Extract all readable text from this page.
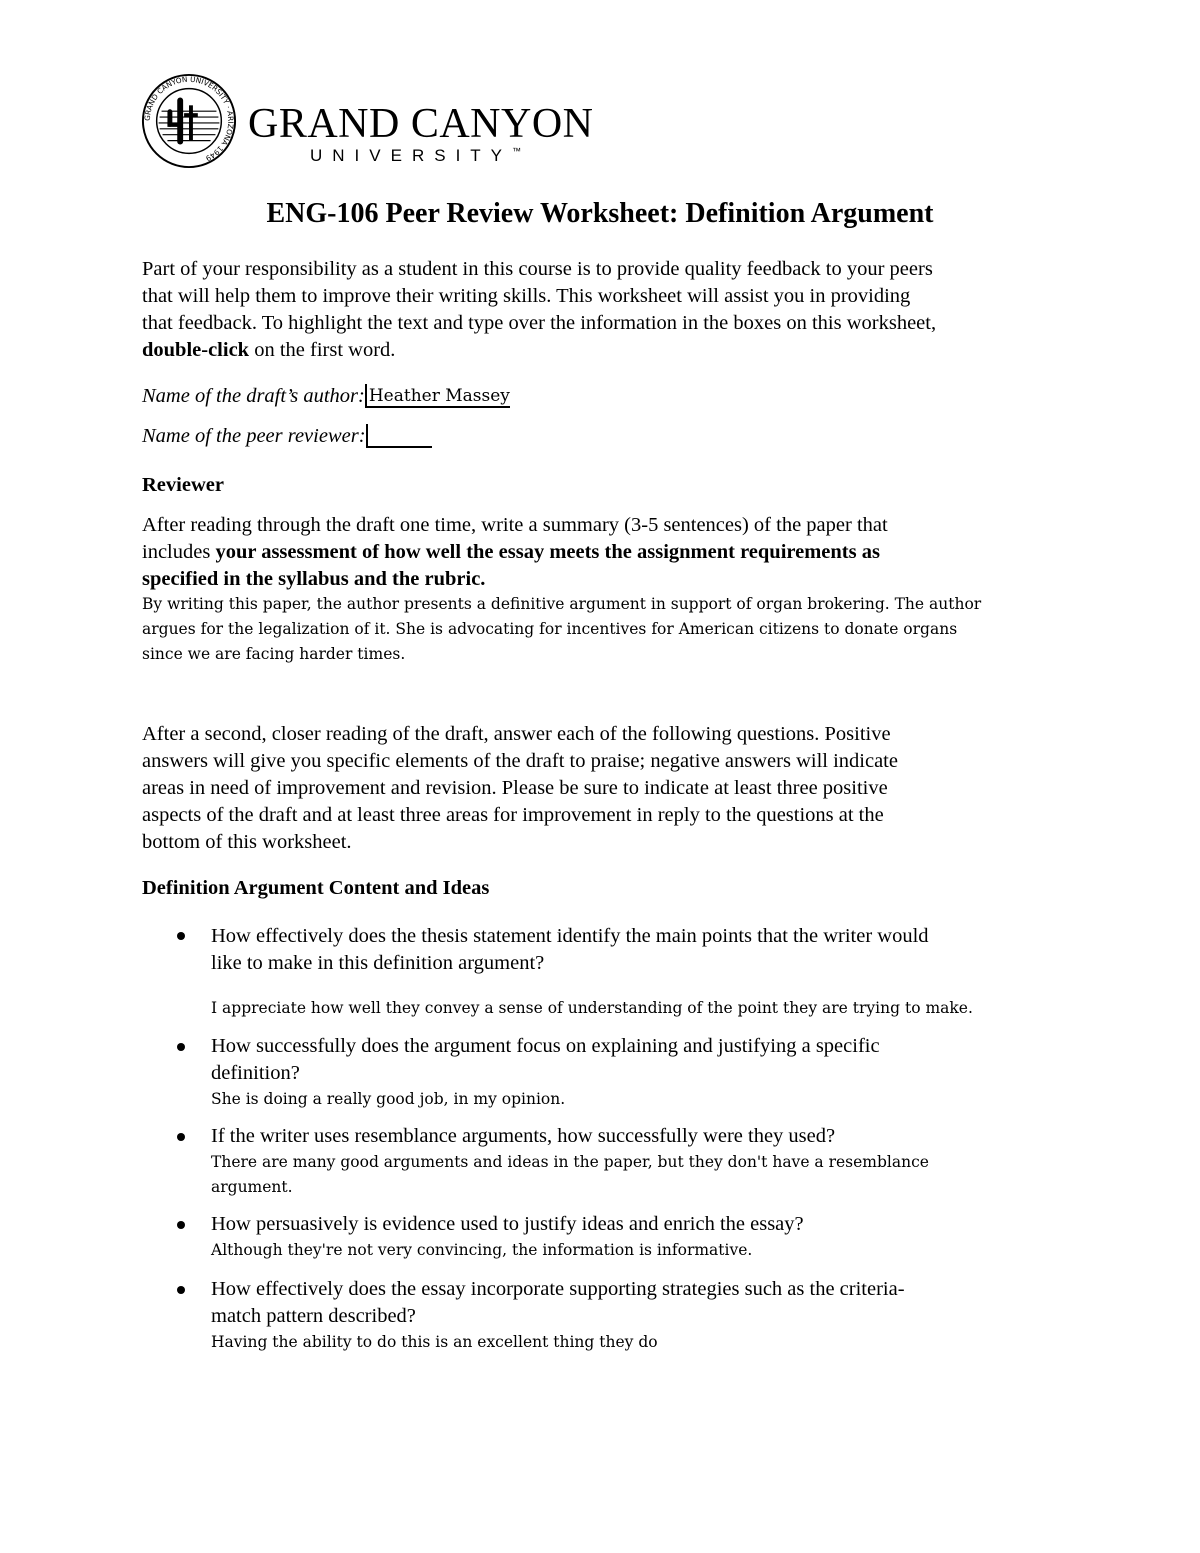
GRAND CANYON UNIVERSITY · ARIZONA 1949
GRAND CANYON
UNIVERSITY™
ENG-106 Peer Review Worksheet: Definition Argument
Part of your responsibility as a student in this course is to provide quality feedback to your peers
that will help them to improve their writing skills. This worksheet will assist you in providing
that feedback. To highlight the text and type over the information in the boxes on this worksheet,
double-click on the first word.
Name of the draft’s author: Heather Massey
Name of the peer reviewer:
Reviewer
After reading through the draft one time, write a summary (3-5 sentences) of the paper that
includes your assessment of how well the essay meets the assignment requirements as
specified in the syllabus and the rubric.
By writing this paper, the author presents a definitive argument in support of organ brokering. The author
argues for the legalization of it. She is advocating for incentives for American citizens to donate organs
since we are facing harder times.
After a second, closer reading of the draft, answer each of the following questions. Positive
answers will give you specific elements of the draft to praise; negative answers will indicate
areas in need of improvement and revision. Please be sure to indicate at least three positive
aspects of the draft and at least three areas for improvement in reply to the questions at the
bottom of this worksheet.
Definition Argument Content and Ideas
How effectively does the thesis statement identify the main points that the writer would
like to make in this definition argument?
I appreciate how well they convey a sense of understanding of the point they are trying to make.
How successfully does the argument focus on explaining and justifying a specific
definition?
She is doing a really good job, in my opinion.
If the writer uses resemblance arguments, how successfully were they used?
There are many good arguments and ideas in the paper, but they don't have a resemblance
argument.
How persuasively is evidence used to justify ideas and enrich the essay?
Although they're not very convincing, the information is informative.
How effectively does the essay incorporate supporting strategies such as the criteria-
match pattern described?
Having the ability to do this is an excellent thing they do
